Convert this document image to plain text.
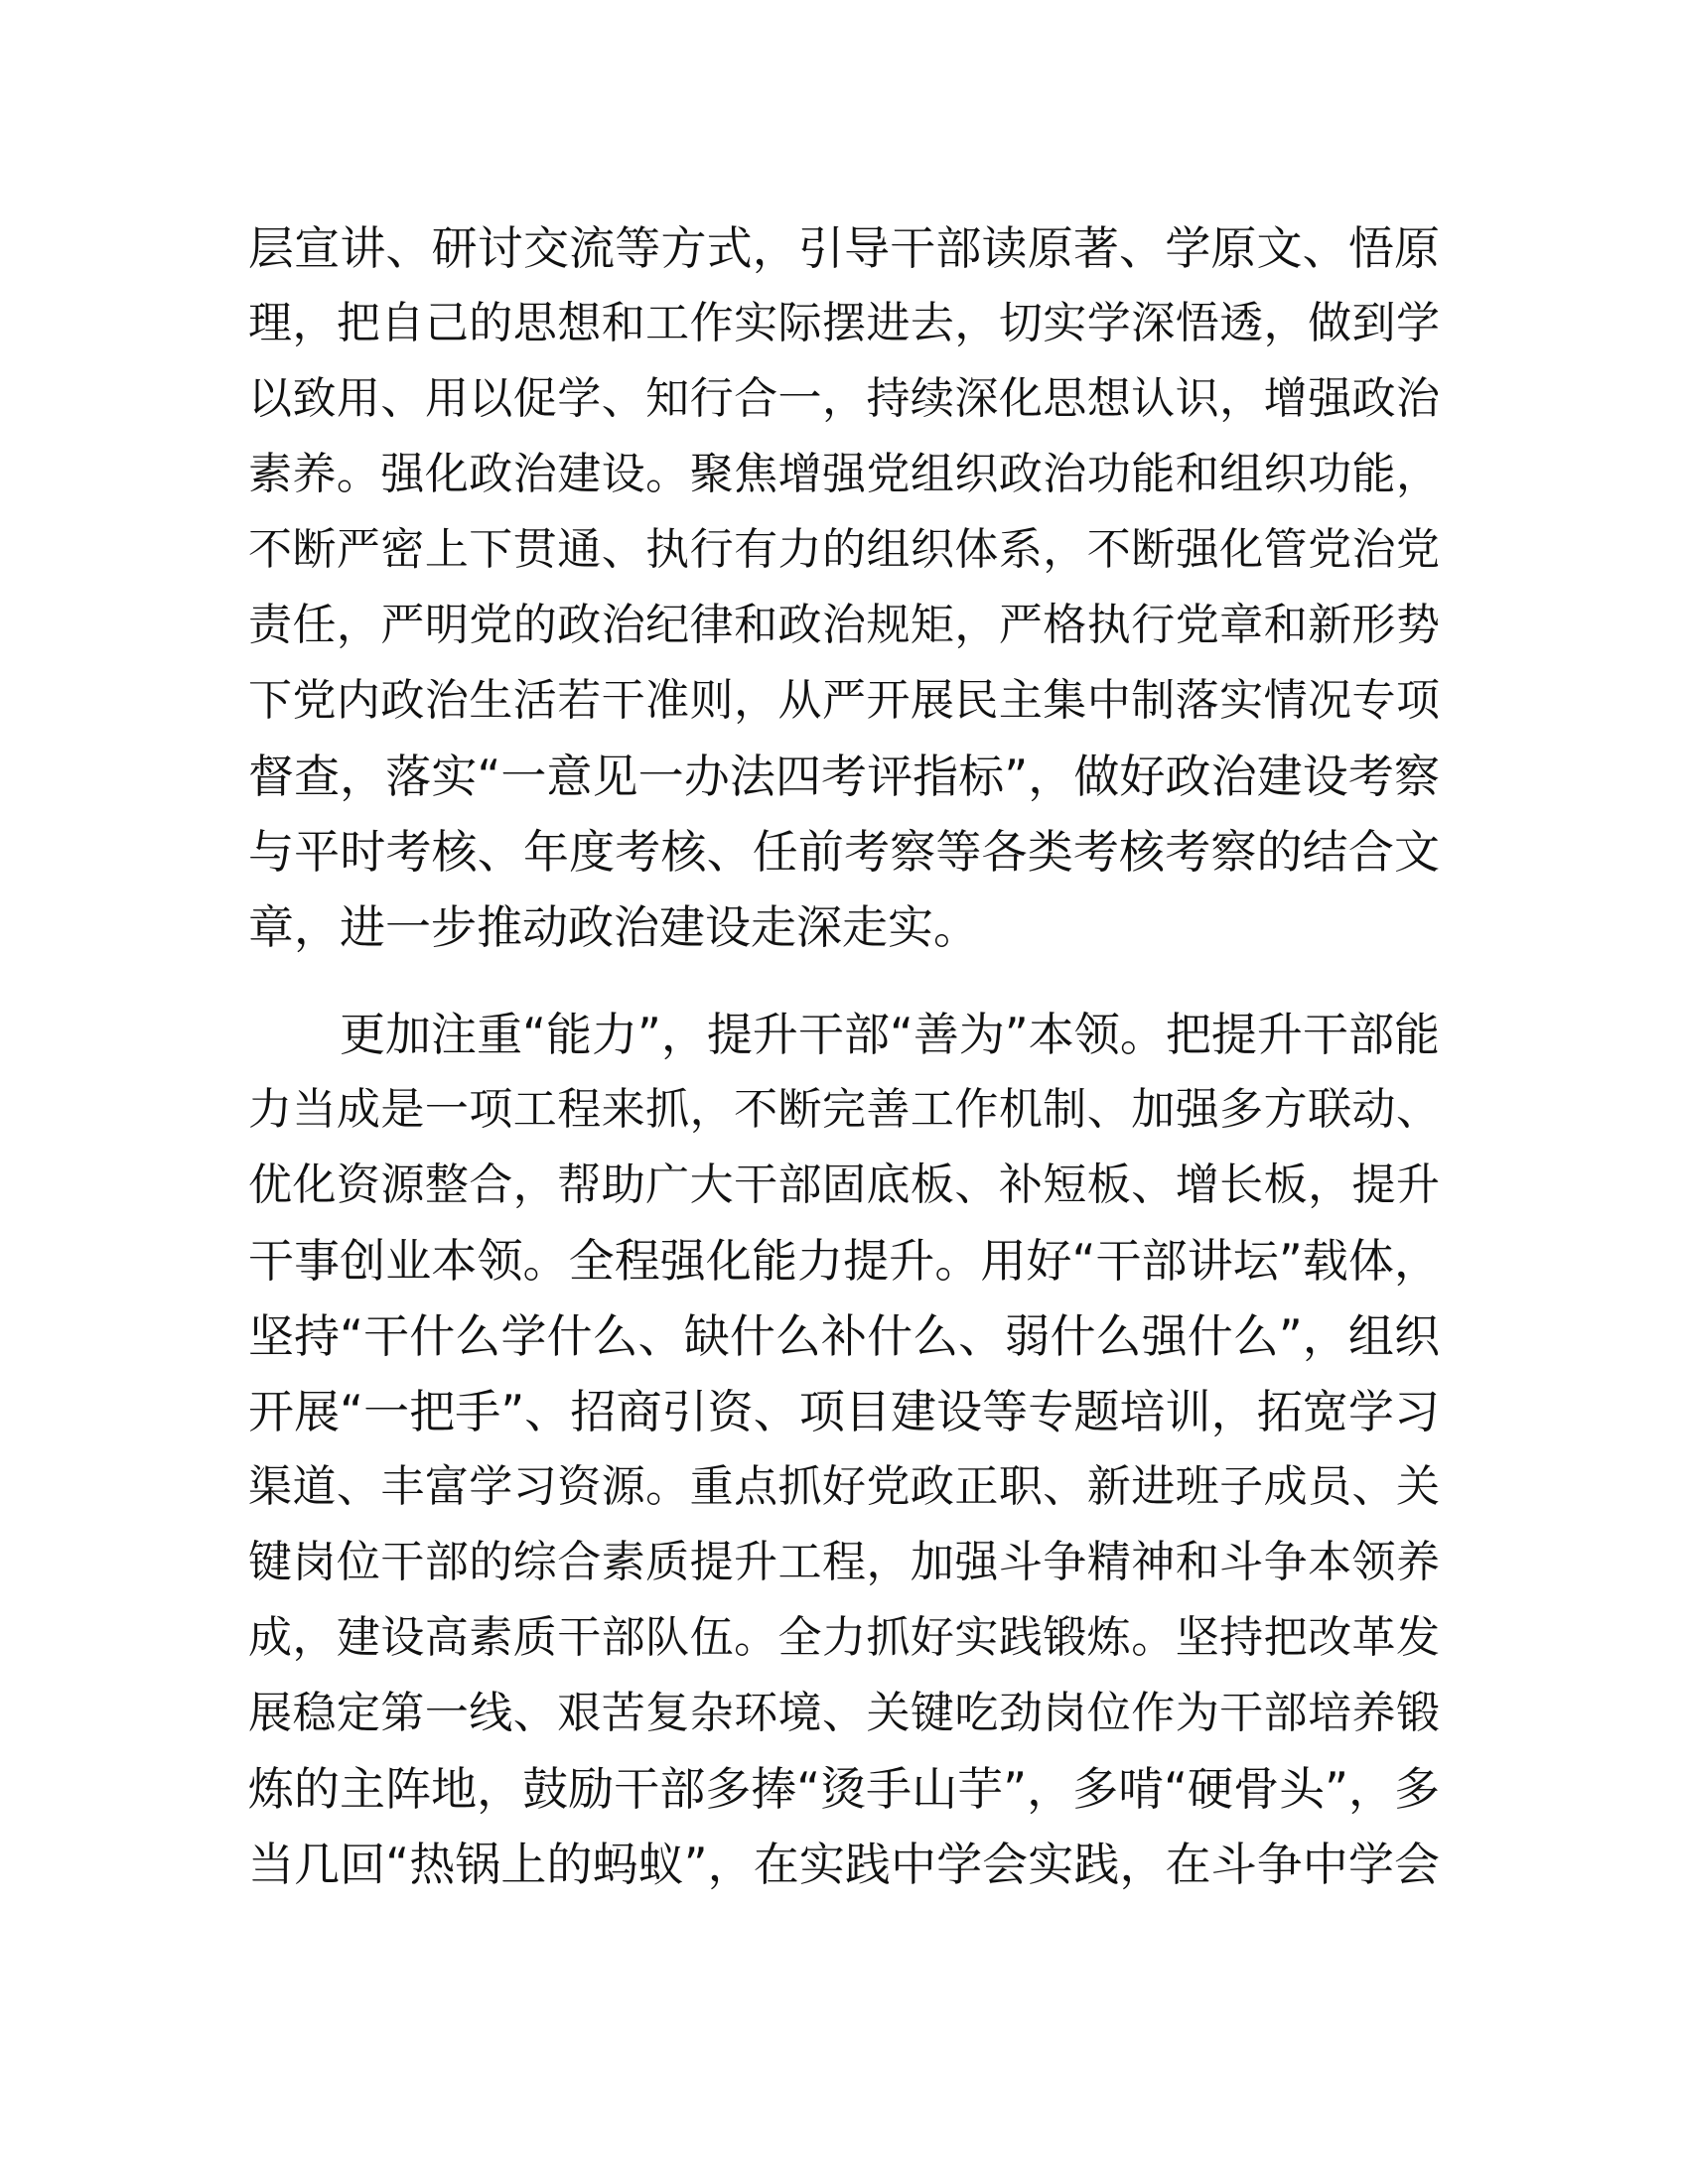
层宣讲、研讨交流等方式，引导干部读原著、学原文、悟原
理，把自己的思想和工作实际摆进去，切实学深悟透，做到学
以致用、用以促学、知行合一，持续深化思想认识，增强政治
素养。强化政治建设。聚焦增强党组织政治功能和组织功能，
不断严密上下贯通、执行有力的组织体系，不断强化管党治党
责任，严明党的政治纪律和政治规矩，严格执行党章和新形势
下党内政治生活若干准则，从严开展民主集中制落实情况专项
督查，落实“一意见一办法四考评指标”，做好政治建设考察
与平时考核、年度考核、任前考察等各类考核考察的结合文
章，进一步推动政治建设走深走实。
更加注重“能力”，提升干部“善为”本领。把提升干部能
力当成是一项工程来抓，不断完善工作机制、加强多方联动、
优化资源整合，帮助广大干部固底板、补短板、增长板，提升
干事创业本领。全程强化能力提升。用好“干部讲坛”载体，
坚持“干什么学什么、缺什么补什么、弱什么强什么”，组织
开展“一把手”、招商引资、项目建设等专题培训，拓宽学习
渠道、丰富学习资源。重点抓好党政正职、新进班子成员、关
键岗位干部的综合素质提升工程，加强斗争精神和斗争本领养
成，建设高素质干部队伍。全力抓好实践锻炼。坚持把改革发
展稳定第一线、艰苦复杂环境、关键吃劲岗位作为干部培养锻
炼的主阵地，鼓励干部多捧“烫手山芋”，多啃“硬骨头”，多
当几回“热锅上的蚂蚁”，在实践中学会实践，在斗争中学会
